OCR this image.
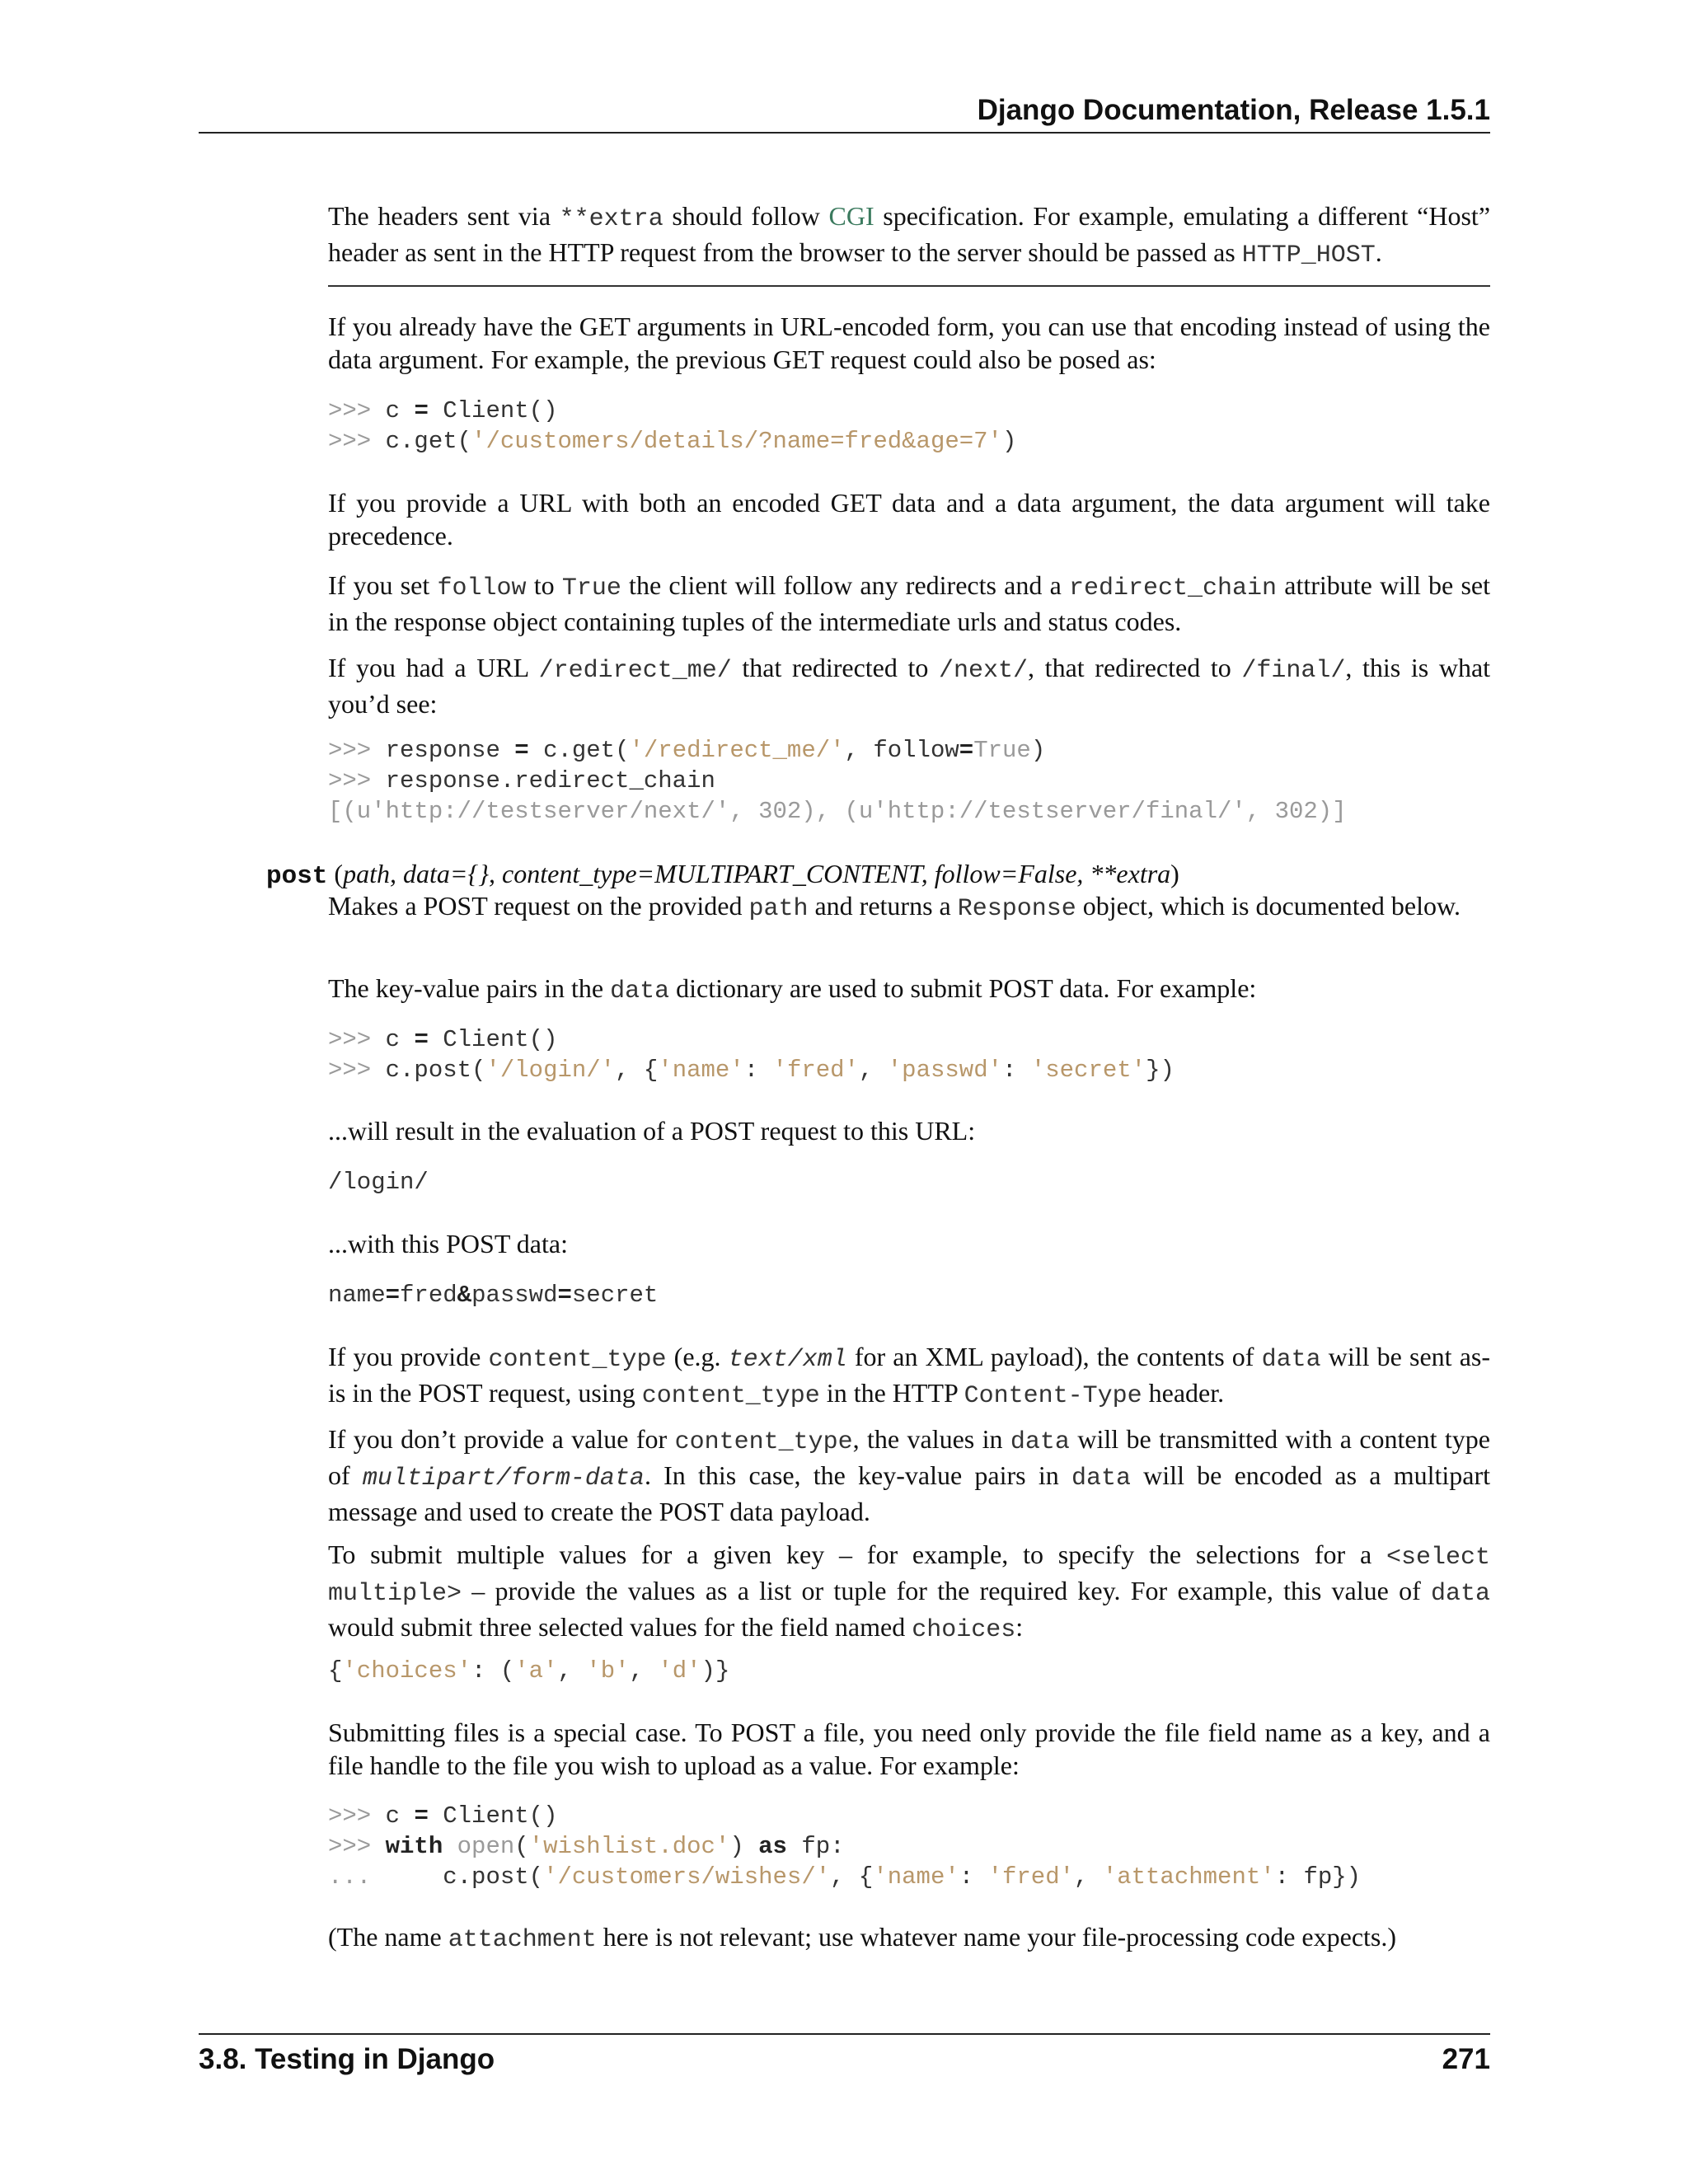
Django Documentation, Release 1.5.1

The headers sent via **extra should follow CGI specification. For example, emulating a different “Host” header as sent in the HTTP request from the browser to the server should be passed as HTTP_HOST.

If you already have the GET arguments in URL-encoded form, you can use that encoding instead of using the data argument. For example, the previous GET request could also be posed as:

>>> c = Client()
>>> c.get('/customers/details/?name=fred&age=7')

If you provide a URL with both an encoded GET data and a data argument, the data argument will take precedence.

If you set follow to True the client will follow any redirects and a redirect_chain attribute will be set in the response object containing tuples of the intermediate urls and status codes.

If you had a URL /redirect_me/ that redirected to /next/, that redirected to /final/, this is what you’d see:

>>> response = c.get('/redirect_me/', follow=True)
>>> response.redirect_chain
[(u'http://testserver/next/', 302), (u'http://testserver/final/', 302)]
post (path, data={}, content_type=MULTIPART_CONTENT, follow=False, **extra)

Makes a POST request on the provided path and returns a Response object, which is documented below.

The key-value pairs in the data dictionary are used to submit POST data. For example:

>>> c = Client()
>>> c.post('/login/', {'name': 'fred', 'passwd': 'secret'})

...will result in the evaluation of a POST request to this URL:

/login/

...with this POST data:

name=fred&passwd=secret

If you provide content_type (e.g. text/xml for an XML payload), the contents of data will be sent as-is in the POST request, using content_type in the HTTP Content-Type header.

If you don’t provide a value for content_type, the values in data will be transmitted with a content type of multipart/form-data. In this case, the key-value pairs in data will be encoded as a multipart message and used to create the POST data payload.

To submit multiple values for a given key – for example, to specify the selections for a <select multiple> – provide the values as a list or tuple for the required key. For example, this value of data would submit three selected values for the field named choices:

{'choices': ('a', 'b', 'd')}

Submitting files is a special case. To POST a file, you need only provide the file field name as a key, and a file handle to the file you wish to upload as a value. For example:

>>> c = Client()
>>> with open('wishlist.doc') as fp:
...     c.post('/customers/wishes/', {'name': 'fred', 'attachment': fp})

(The name attachment here is not relevant; use whatever name your file-processing code expects.)

3.8. Testing in Django	271
